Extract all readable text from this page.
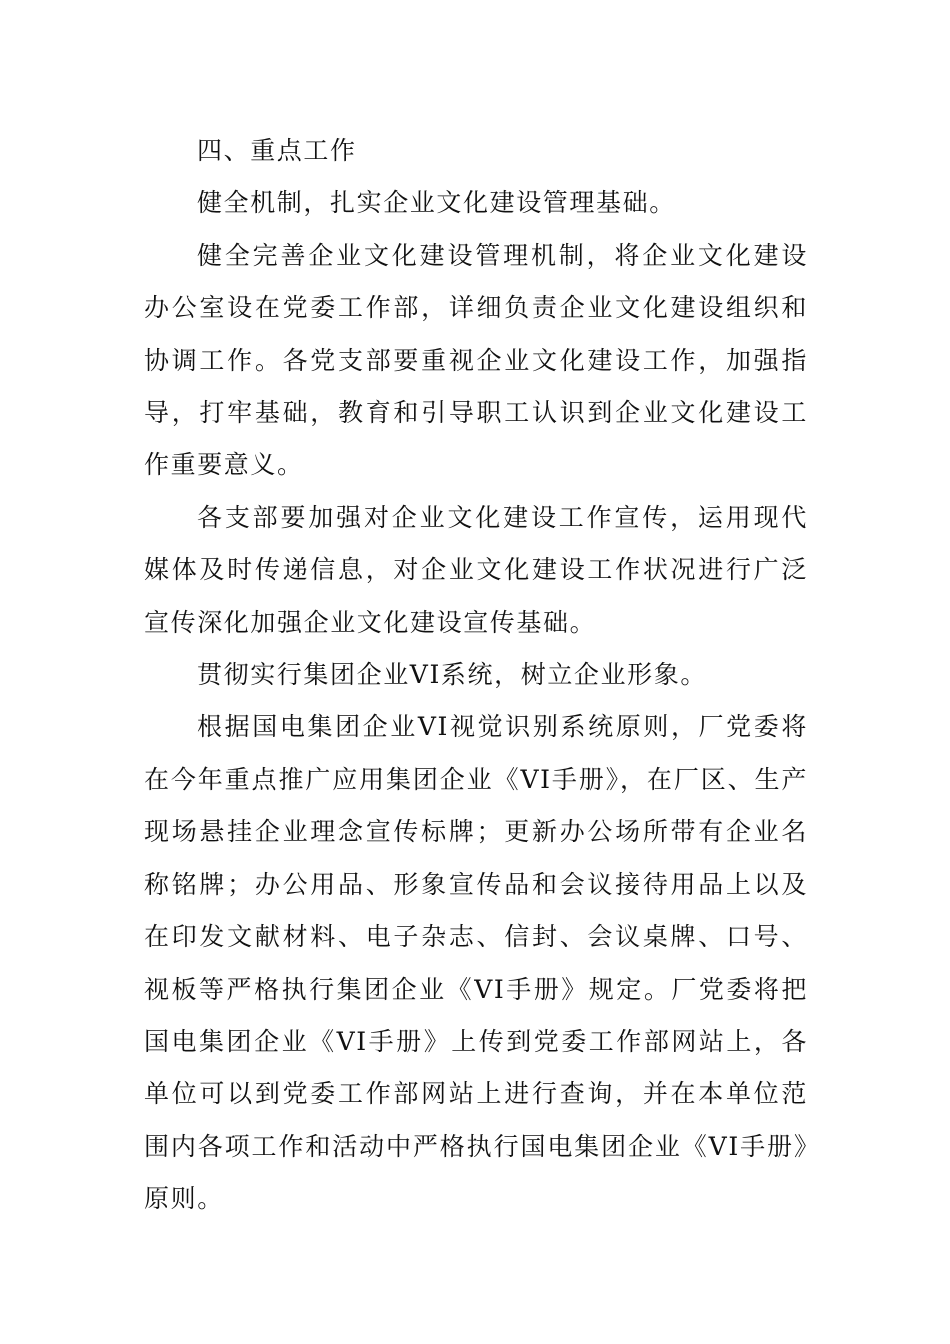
四、重点工作

健全机制，扎实企业文化建设管理基础。

健全完善企业文化建设管理机制，将企业文化建设办公室设在党委工作部，详细负责企业文化建设组织和协调工作。各党支部要重视企业文化建设工作，加强指导，打牢基础，教育和引导职工认识到企业文化建设工作重要意义。

各支部要加强对企业文化建设工作宣传，运用现代媒体及时传递信息，对企业文化建设工作状况进行广泛宣传深化加强企业文化建设宣传基础。

贯彻实行集团企业VI系统，树立企业形象。

根据国电集团企业VI视觉识别系统原则，厂党委将在今年重点推广应用集团企业《VI手册》，在厂区、生产现场悬挂企业理念宣传标牌；更新办公场所带有企业名称铭牌；办公用品、形象宣传品和会议接待用品上以及在印发文献材料、电子杂志、信封、会议桌牌、口号、视板等严格执行集团企业《VI手册》规定。厂党委将把国电集团企业《VI手册》上传到党委工作部网站上，各单位可以到党委工作部网站上进行查询，并在本单位范围内各项工作和活动中严格执行国电集团企业《VI手册》原则。
